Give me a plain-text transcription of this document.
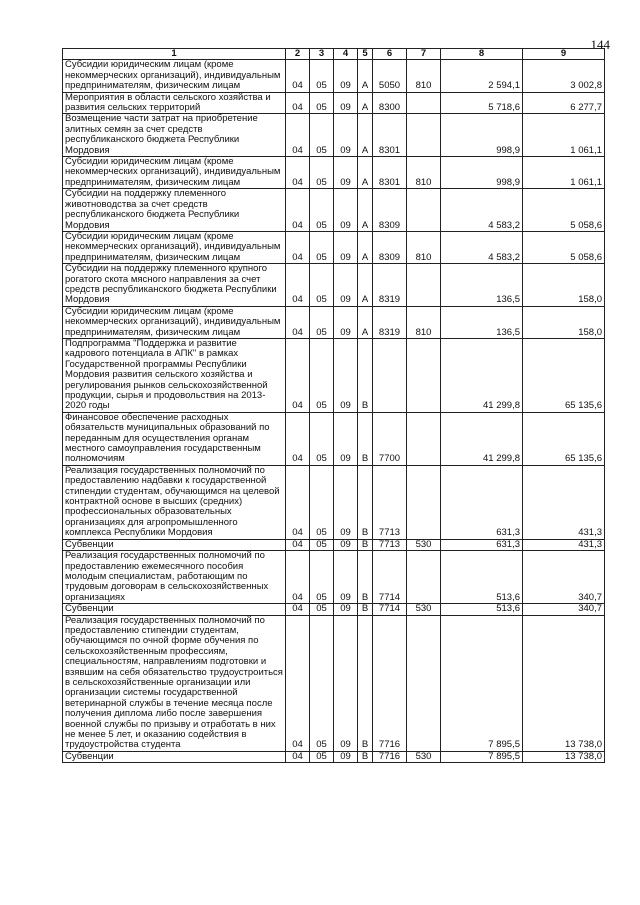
144
1	2	3	4	5	6	7	8	9
Субсидии юридическим лицам (кроме некоммерческих организаций), индивидуальным предпринимателям, физическим лицам	04	05	09	А	5050	810	2 594,1	3 002,8
Мероприятия в области сельского хозяйства и развития сельских территорий	04	05	09	А	8300		5 718,6	6 277,7
Возмещение части затрат на приобретение элитных семян за счет средств республиканского бюджета Республики Мордовия	04	05	09	А	8301		998,9	1 061,1
Субсидии юридическим лицам (кроме некоммерческих организаций), индивидуальным предпринимателям, физическим лицам	04	05	09	А	8301	810	998,9	1 061,1
Субсидии на поддержку племенного животноводства за счет средств республиканского бюджета Республики Мордовия	04	05	09	А	8309		4 583,2	5 058,6
Субсидии юридическим лицам (кроме некоммерческих организаций), индивидуальным предпринимателям, физическим лицам	04	05	09	А	8309	810	4 583,2	5 058,6
Субсидии на поддержку племенного крупного рогатого скота мясного направления за счет средств республиканского бюджета Республики Мордовия	04	05	09	А	8319		136,5	158,0
Субсидии юридическим лицам (кроме некоммерческих организаций), индивидуальным предпринимателям, физическим лицам	04	05	09	А	8319	810	136,5	158,0
Подпрограмма "Поддержка и развитие кадрового потенциала в АПК" в рамках Государственной программы Республики Мордовия развития сельского хозяйства и регулирования рынков сельскохозяйственной продукции, сырья и продовольствия на 2013-2020 годы	04	05	09	В			41 299,8	65 135,6
Финансовое обеспечение расходных обязательств муниципальных образований по переданным для осуществления органам местного самоуправления государственным полномочиям	04	05	09	В	7700		41 299,8	65 135,6
Реализация государственных полномочий по предоставлению надбавки к государственной стипендии студентам, обучающимся на целевой контрактной основе в высших (средних) профессиональных образовательных организациях для агропромышленного комплекса Республики Мордовия	04	05	09	В	7713		631,3	431,3
Субвенции	04	05	09	В	7713	530	631,3	431,3
Реализация государственных полномочий по предоставлению ежемесячного пособия молодым специалистам, работающим по трудовым договорам в сельскохозяйственных организациях	04	05	09	В	7714		513,6	340,7
Субвенции	04	05	09	В	7714	530	513,6	340,7
Реализация государственных полномочий по предоставлению стипендии студентам, обучающимся по очной форме обучения по сельскохозяйственным профессиям, специальностям, направлениям подготовки и взявшим на себя обязательство трудоустроиться в сельскохозяйственные организации или организации системы государственной ветеринарной службы в течение месяца после получения диплома либо после завершения военной службы по призыву и отработать в них не менее 5 лет, и оказанию содействия в трудоустройства студента	04	05	09	В	7716		7 895,5	13 738,0
Субвенции	04	05	09	В	7716	530	7 895,5	13 738,0
